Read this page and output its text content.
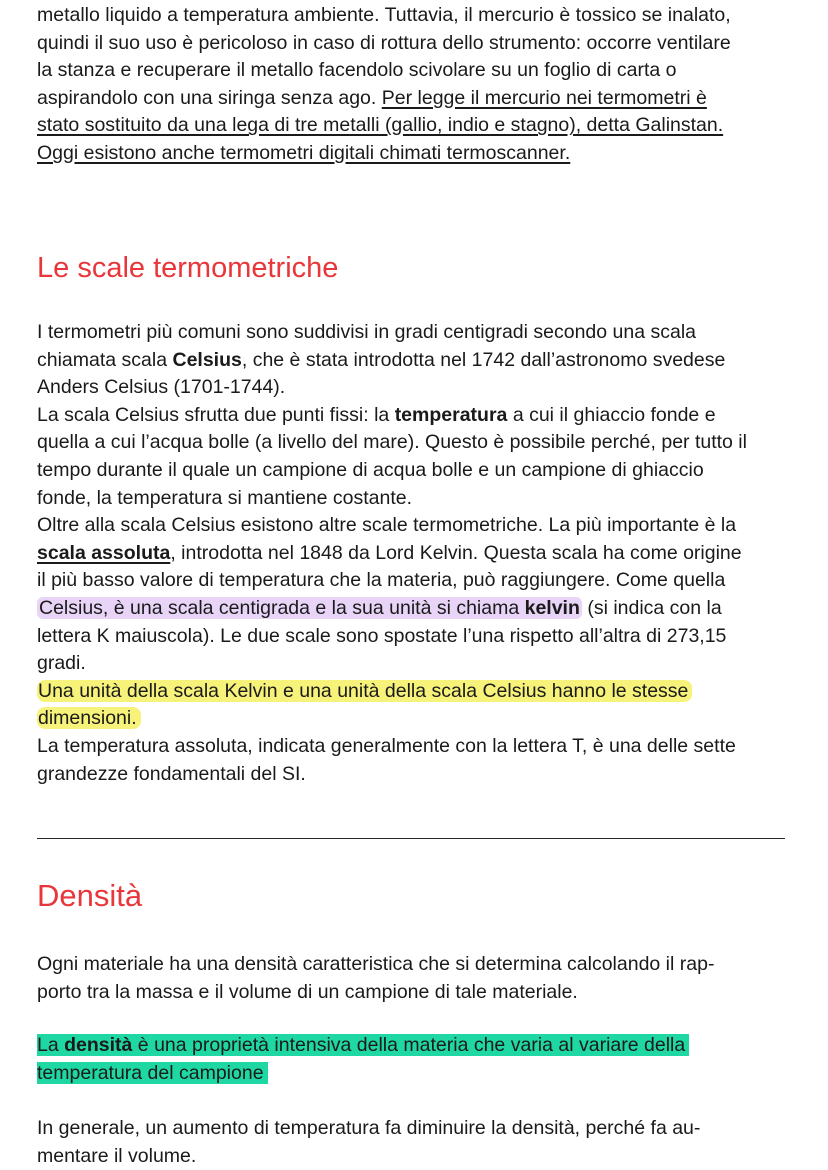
metallo liquido a temperatura ambiente. Tuttavia, il mercurio è tossico se inalato,
quindi il suo uso è pericoloso in caso di rottura dello strumento: occorre ventilare
la stanza e recuperare il metallo facendolo scivolare su un foglio di carta o
aspirandolo con una siringa senza ago. Per legge il mercurio nei termometri è
stato sostituito da una lega di tre metalli (gallio, indio e stagno), detta Galinstan.
Oggi esistono anche termometri digitali chimati termoscanner.
Le scale termometriche
I termometri più comuni sono suddivisi in gradi centigradi secondo una scala
chiamata scala Celsius, che è stata introdotta nel 1742 dall’astronomo svedese
Anders Celsius (1701-1744).
La scala Celsius sfrutta due punti fissi: la temperatura a cui il ghiaccio fonde e
quella a cui l’acqua bolle (a livello del mare). Questo è possibile perché, per tutto il
tempo durante il quale un campione di acqua bolle e un campione di ghiaccio
fonde, la temperatura si mantiene costante.
Oltre alla scala Celsius esistono altre scale termometriche. La più importante è la
scala assoluta, introdotta nel 1848 da Lord Kelvin. Questa scala ha come origine
il più basso valore di temperatura che la materia, può raggiungere. Come quella
Celsius, è una scala centigrada e la sua unità si chiama kelvin (si indica con la
lettera K maiuscola). Le due scale sono spostate l’una rispetto all’altra di 273,15
gradi.
Una unità della scala Kelvin e una unità della scala Celsius hanno le stesse
dimensioni.
La temperatura assoluta, indicata generalmente con la lettera T, è una delle sette
grandezze fondamentali del SI.
Densità
Ogni materiale ha una densità caratteristica che si determina calcolando il rap-
porto tra la massa e il volume di un campione di tale materiale.
La densità è una proprietà intensiva della materia che varia al variare della
temperatura del campione
In generale, un aumento di temperatura fa diminuire la densità, perché fa au-
mentare il volume.
